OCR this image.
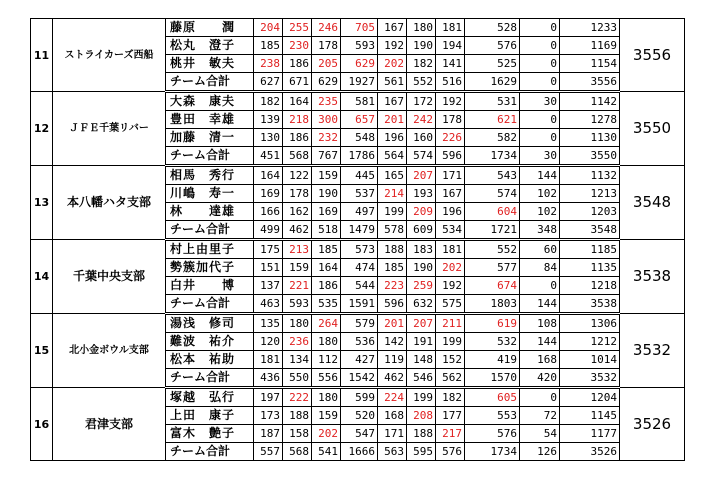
11	ストライカーズ西船	藤原　　潤	204	255	246	705	167	180	181	528	0	1233	3556
		松丸　澄子	185	230	178	593	192	190	194	576	0	1169	
		桃井　敏夫	238	186	205	629	202	182	141	525	0	1154	
		チーム合計	627	671	629	1927	561	552	516	1629	0	3556	
12	ＪＦＥ千葉リバー	大森　康夫	182	164	235	581	167	172	192	531	30	1142	3550
		豊田　幸雄	139	218	300	657	201	242	178	621	0	1278	
		加藤　清一	130	186	232	548	196	160	226	582	0	1130	
		チーム合計	451	568	767	1786	564	574	596	1734	30	3550	
13	本八幡ハタ支部	相馬　秀行	164	122	159	445	165	207	171	543	144	1132	3548
		川嶋　寿一	169	178	190	537	214	193	167	574	102	1213	
		林　　達雄	166	162	169	497	199	209	196	604	102	1203	
		チーム合計	499	462	518	1479	578	609	534	1721	348	3548	
14	千葉中央支部	村上由里子	175	213	185	573	188	183	181	552	60	1185	3538
		勢簇加代子	151	159	164	474	185	190	202	577	84	1135	
		白井　　博	137	221	186	544	223	259	192	674	0	1218	
		チーム合計	463	593	535	1591	596	632	575	1803	144	3538	
15	北小金ボウル支部	湯浅　修司	135	180	264	579	201	207	211	619	108	1306	3532
		難波　祐介	120	236	180	536	142	191	199	532	144	1212	
		松本　祐助	181	134	112	427	119	148	152	419	168	1014	
		チーム合計	436	550	556	1542	462	546	562	1570	420	3532	
16	君津支部	塚越　弘行	197	222	180	599	224	199	182	605	0	1204	3526
		上田　康子	173	188	159	520	168	208	177	553	72	1145	
		富木　艶子	187	158	202	547	171	188	217	576	54	1177	
		チーム合計	557	568	541	1666	563	595	576	1734	126	3526	
